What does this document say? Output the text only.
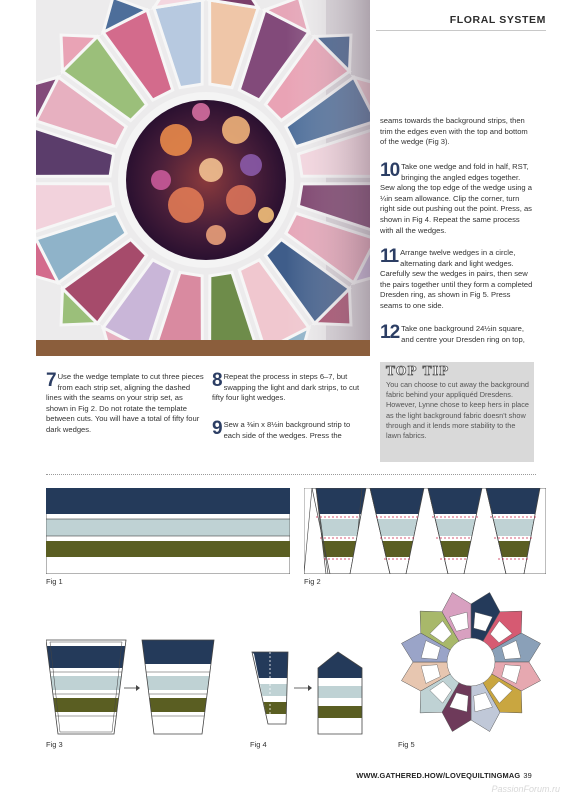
FLORAL SYSTEM
seams towards the background strips, then trim the edges even with the top and bottom of the wedge (Fig 3).
10 Take one wedge and fold in half, RST, bringing the angled edges together. Sew along the top edge of the wedge using a ¼in seam allowance. Clip the corner, turn right side out pushing out the point. Press, as shown in Fig 4. Repeat the same process with all the wedges.
11 Arrange twelve wedges in a circle, alternating dark and light wedges. Carefully sew the wedges in pairs, then sew the pairs together until they form a completed Dresden ring, as shown in Fig 5. Press seams to one side.
12 Take one background 24½in square, and centre your Dresden ring on top,
TOP TIP
You can choose to cut away the background fabric behind your appliquéd Dresdens. However, Lynne chose to keep hers in place as the light background fabric doesn't show through and it lends more stability to the lawn fabrics.
7 Use the wedge template to cut three pieces from each strip set, aligning the dashed lines with the seams on your strip set, as shown in Fig 2. Do not rotate the template between cuts. You will have a total of fifty four dark wedges.
8 Repeat the process in steps 6–7, but swapping the light and dark strips, to cut fifty four light wedges.
9 Sew a ⅜in x 8½in background strip to each side of the wedges. Press the
Fig 1	Fig 2
Fig 3	Fig 4	Fig 5
WWW.GATHERED.HOW/LOVEQUILTINGMAG 39
PassionForum.ru
